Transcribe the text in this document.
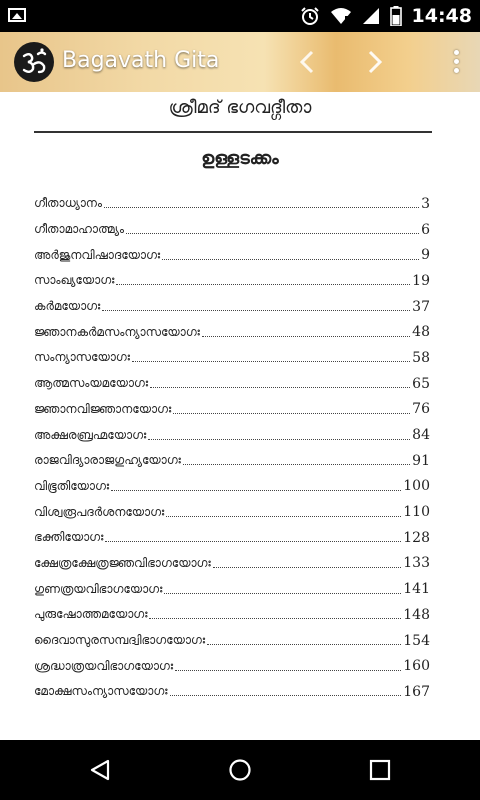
14:48
Bagavath Gita
ശ്രീമദ് ഭഗവദ്ഗീതാ
ഉള്ളടക്കം
ഗീതാധ്യാനം	3
ഗീതാമാഹാത്മ്യം	6
അർജുനവിഷാദയോഗഃ	9
സാംഖ്യയോഗഃ	19
കർമയോഗഃ	37
ജ്ഞാനകർമസംന്യാസയോഗഃ	48
സംന്യാസയോഗഃ	58
ആത്മസംയമയോഗഃ	65
ജ്ഞാനവിജ്ഞാനയോഗഃ	76
അക്ഷരബ്രഹ്മയോഗഃ	84
രാജവിദ്യാരാജഗുഹ്യയോഗഃ	91
വിഭൂതിയോഗഃ	100
വിശ്വരൂപദർശനയോഗഃ	110
ഭക്തിയോഗഃ	128
ക്ഷേത്രക്ഷേത്രജ്ഞവിഭാഗയോഗഃ	133
ഗുണത്രയവിഭാഗയോഗഃ	141
പുരുഷോത്തമയോഗഃ	148
ദൈവാസുരസമ്പദ്വിഭാഗയോഗഃ	154
ശ്രദ്ധാത്രയവിഭാഗയോഗഃ	160
മോക്ഷസംന്യാസയോഗഃ	167
